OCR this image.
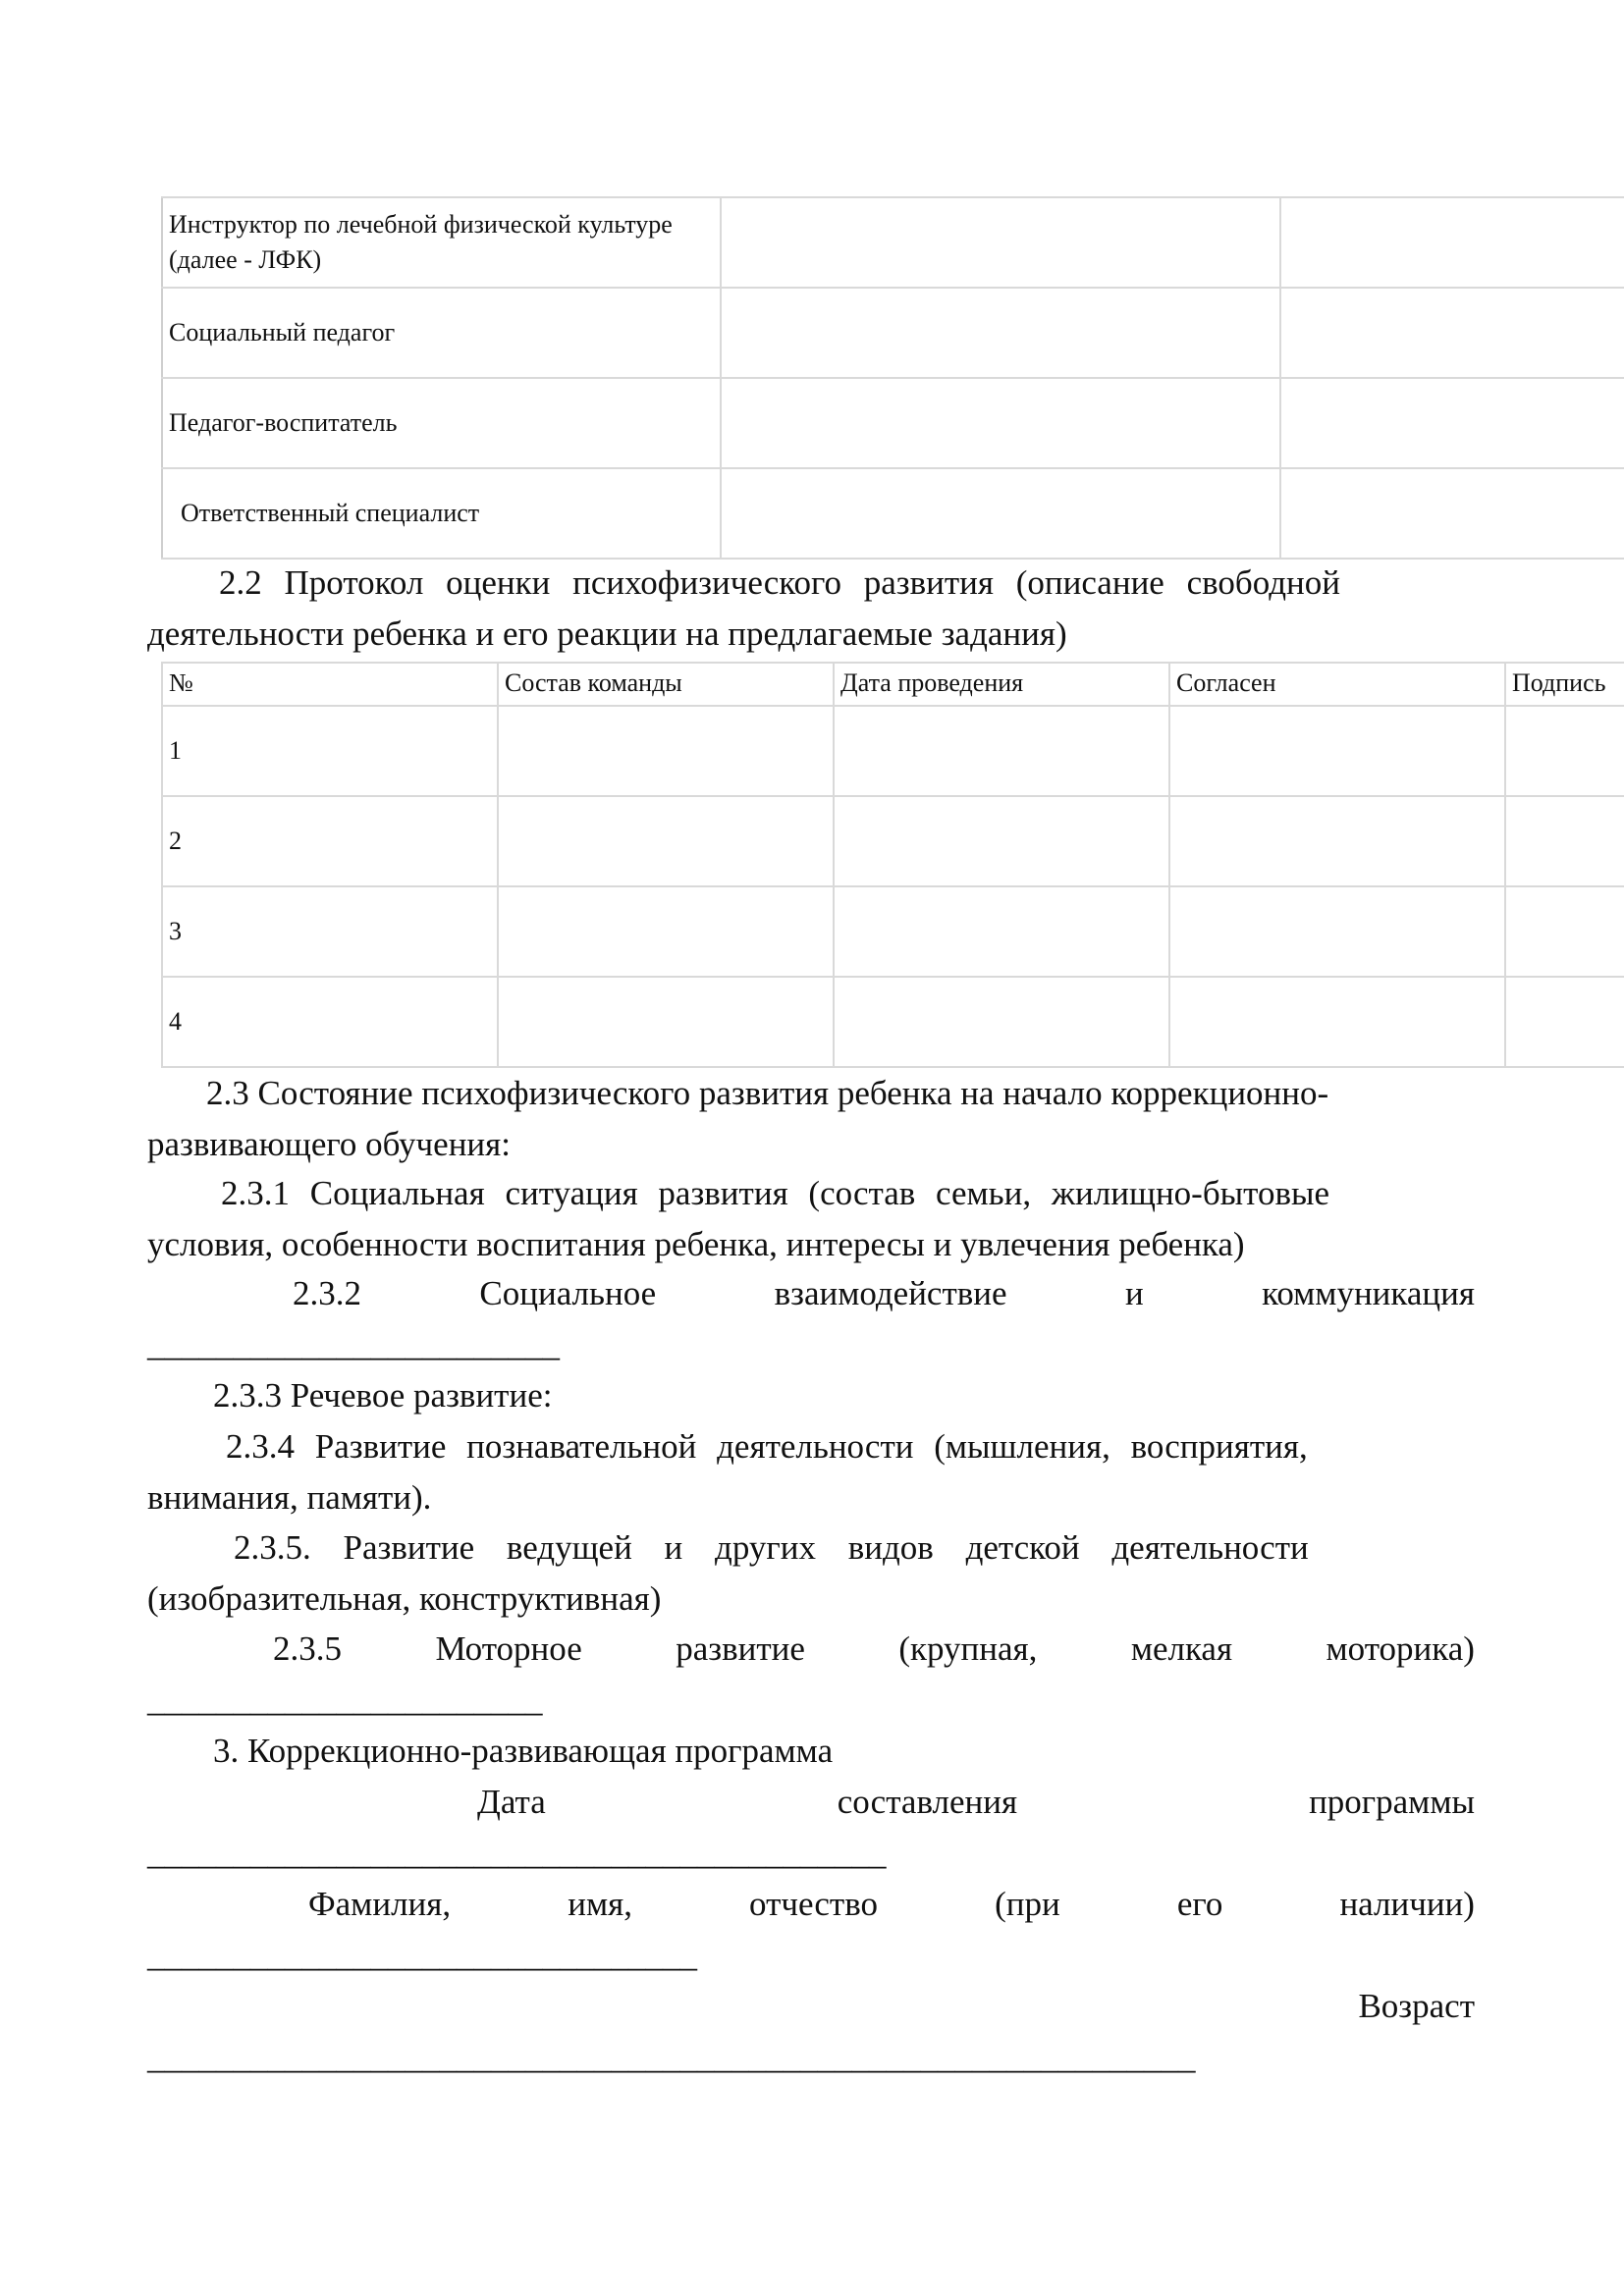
Инструктор по лечебной физической культуре (далее - ЛФК)		
Социальный педагог		
Педагог-воспитатель		
Ответственный специалист		
2.2 Протокол оценки психофизического развития (описание свободной
деятельности ребенка и его реакции на предлагаемые задания)
№	Состав команды	Дата проведения	Согласен	Подпись
1				
2				
3				
4				
2.3 Состояние психофизического развития ребенка на начало коррекционно-
развивающего обучения:
2.3.1 Социальная ситуация развития (состав семьи, жилищно-бытовые
условия, особенности воспитания ребенка, интересы и увлечения ребенка)
2.3.2	Социальное	взаимодействие	и	коммуникация
________________________
2.3.3 Речевое развитие:
2.3.4 Развитие познавательной деятельности (мышления, восприятия,
внимания, памяти).
2.3.5. Развитие ведущей и других видов детской деятельности
(изобразительная, конструктивная)
2.3.5	Моторное	развитие	(крупная,	мелкая	моторика)
_______________________
3. Коррекционно-развивающая программа
Дата	составления	программы
___________________________________________
Фамилия,	имя,	отчество	(при	его	наличии)
________________________________
Возраст
_____________________________________________________________
